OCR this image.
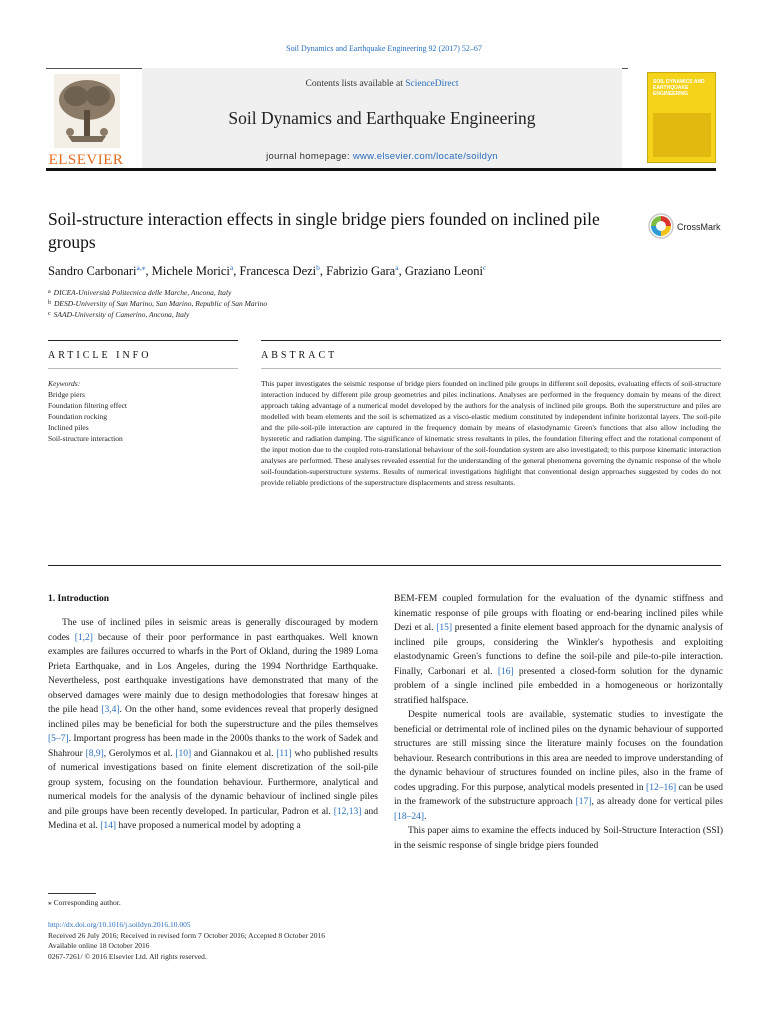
Soil Dynamics and Earthquake Engineering 92 (2017) 52–67
ELSEVIER
Contents lists available at ScienceDirect
Soil Dynamics and Earthquake Engineering
journal homepage: www.elsevier.com/locate/soildyn
SOIL DYNAMICS AND EARTHQUAKE ENGINEERING
Soil-structure interaction effects in single bridge piers founded on inclined pile groups
CrossMark
Sandro Carbonari$^{a,⁎}$, Michele Morici$^a$, Francesca Dezi$^b$, Fabrizio Gara$^a$, Graziano Leoni$^c$
$^a$ DICEA-Università Politecnica delle Marche, Ancona, Italy
$^b$ DESD-University of San Marino, San Marino, Republic of San Marino
$^c$ SAAD-University of Camerino, Ancona, Italy
ARTICLE INFO	ABSTRACT
Keywords:
Bridge piers
Foundation filtering effect
Foundation rocking
Inclined piles
Soil-structure interaction
This paper investigates the seismic response of bridge piers founded on inclined pile groups in different soil deposits, evaluating effects of soil-structure interaction induced by different pile group geometries and piles inclinations. Analyses are performed in the frequency domain by means of the direct approach taking advantage of a numerical model developed by the authors for the analysis of inclined pile groups. Both the superstructure and piles are modelled with beam elements and the soil is schematized as a visco-elastic medium constituted by independent infinite horizontal layers. The soil-pile and the pile-soil-pile interaction are captured in the frequency domain by means of elastodynamic Green's functions that also allow including the hysteretic and radiation damping. The significance of kinematic stress resultants in piles, the foundation filtering effect and the rotational component of the input motion due to the coupled roto-translational behaviour of the soil-foundation system are also investigated; to this purpose kinematic interaction analyses are performed. These analyses revealed essential for the understanding of the general phenomena governing the dynamic response of the whole soil-foundation-superstructure systems. Results of numerical investigations highlight that conventional design approaches suggested by codes do not provide reliable predictions of the superstructure displacements and stress resultants.
1. Introduction

The use of inclined piles in seismic areas is generally discouraged by modern codes [1,2] because of their poor performance in past earthquakes. Well known examples are failures occurred to wharfs in the Port of Okland, during the 1989 Loma Prieta Earthquake, and in Los Angeles, during the 1994 Northridge Earthquake. Nevertheless, post earthquake investigations have demonstrated that many of the observed damages were mainly due to design methodologies that foresaw hinges at the pile head [3,4]. On the other hand, some evidences reveal that properly designed inclined piles may be beneficial for both the superstructure and the piles themselves [5–7]. Important progress has been made in the 2000s thanks to the work of Sadek and Shahrour [8,9], Gerolymos et al. [10] and Giannakou et al. [11] who published results of numerical investigations based on finite element discretization of the soil-pile group system, focusing on the foundation behaviour. Furthermore, analytical and numerical models for the analysis of the dynamic behaviour of inclined single piles and pile groups have been recently developed. In particular, Padron et al. [12,13] and Medina et al. [14] have proposed a numerical model by adopting a

BEM-FEM coupled formulation for the evaluation of the dynamic stiffness and kinematic response of pile groups with floating or end-bearing inclined piles while Dezi et al. [15] presented a finite element based approach for the dynamic analysis of inclined pile groups, considering the Winkler's hypothesis and exploiting elastodynamic Green's functions to define the soil-pile and pile-to-pile interaction. Finally, Carbonari et al. [16] presented a closed-form solution for the dynamic problem of a single inclined pile embedded in a homogeneous or horizontally stratified halfspace.

Despite numerical tools are available, systematic studies to investigate the beneficial or detrimental role of inclined piles on the dynamic behaviour of supported structures are still missing since the literature mainly focuses on the foundation behaviour. Research contributions in this area are needed to improve understanding of the dynamic behaviour of structures founded on incline piles, also in the frame of codes upgrading. For this purpose, analytical models presented in [12–16] can be used in the framework of the substructure approach [17], as already done for vertical piles [18–24].

This paper aims to examine the effects induced by Soil-Structure Interaction (SSI) in the seismic response of single bridge piers founded

⁎ Corresponding author.
http://dx.doi.org/10.1016/j.soildyn.2016.10.005
Received 26 July 2016; Received in revised form 7 October 2016; Accepted 8 October 2016
Available online 18 October 2016
0267-7261/ © 2016 Elsevier Ltd. All rights reserved.
